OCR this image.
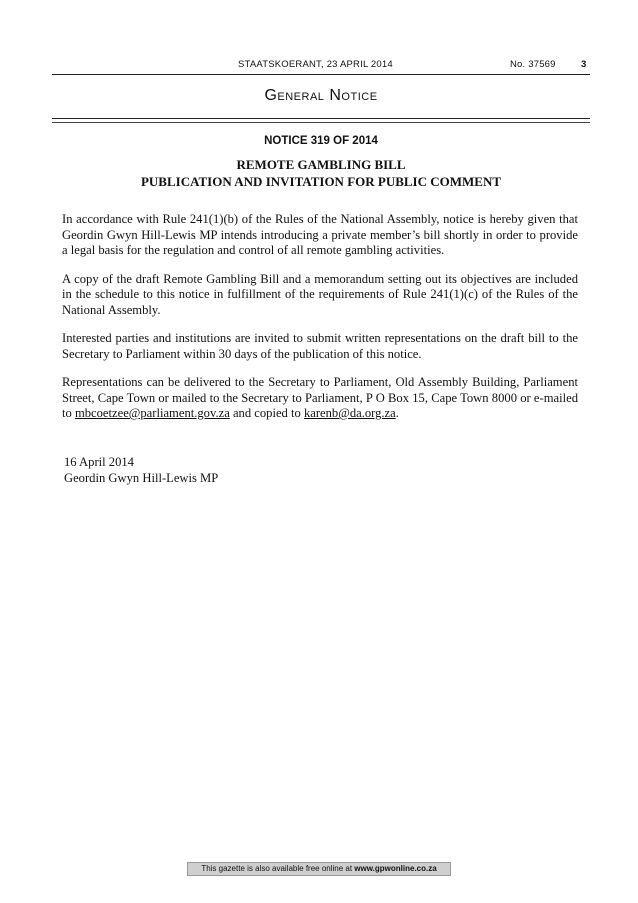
STAATSKOERANT, 23 APRIL 2014	No. 37569	3
General Notice
NOTICE 319 OF 2014
REMOTE GAMBLING BILL
PUBLICATION AND INVITATION FOR PUBLIC COMMENT

In accordance with Rule 241(1)(b) of the Rules of the National Assembly, notice is hereby given that Geordin Gwyn Hill-Lewis MP intends introducing a private member’s bill shortly in order to provide a legal basis for the regulation and control of all remote gambling activities.

A copy of the draft Remote Gambling Bill and a memorandum setting out its objectives are included in the schedule to this notice in fulfillment of the requirements of Rule 241(1)(c) of the Rules of the National Assembly.

Interested parties and institutions are invited to submit written representations on the draft bill to the Secretary to Parliament within 30 days of the publication of this notice.

Representations can be delivered to the Secretary to Parliament, Old Assembly Building, Parliament Street, Cape Town or mailed to the Secretary to Parliament, P O Box 15, Cape Town 8000 or e-mailed to mbcoetzee@parliament.gov.za and copied to karenb@da.org.za.

16 April 2014
Geordin Gwyn Hill-Lewis MP
This gazette is also available free online at www.gpwonline.co.za
